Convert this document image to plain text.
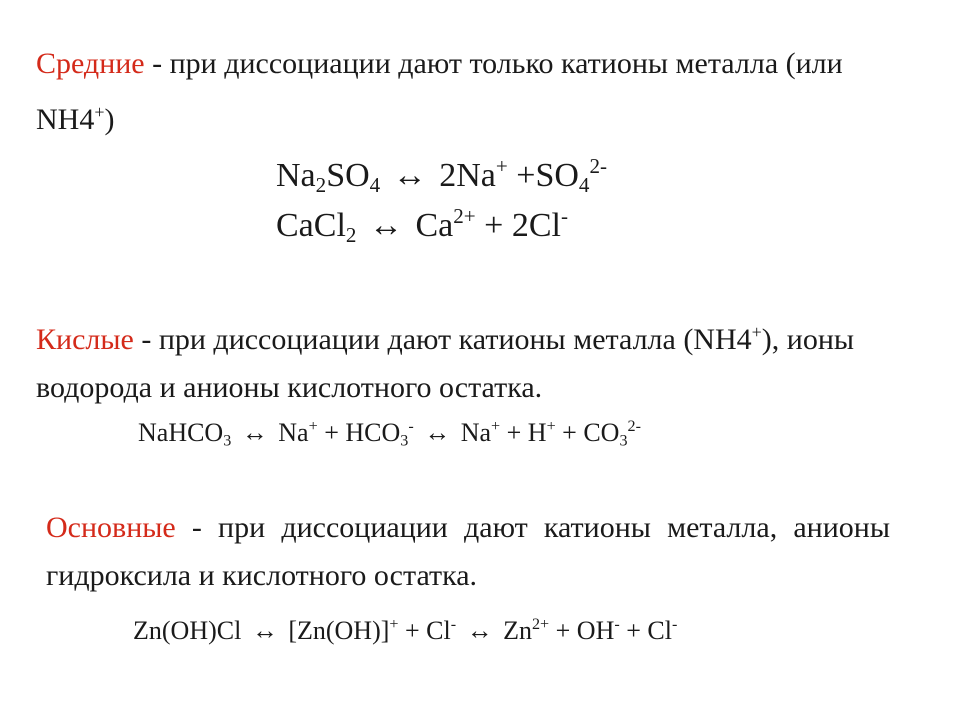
Средние - при диссоциации дают только катионы металла (или NH4+)
$Na_2SO_4$ ↔ $2Na^+ +SO_4^{2-}$
CaCl$_2$ ↔ $Ca^{2+} + 2Cl^-$
Кислые - при диссоциации дают катионы металла (NH4+), ионы водорода и анионы кислотного остатка.
NaHCO$_3$ ↔ $Na^+ + HCO_3^-$ ↔ $Na^+ + H^+ + CO_3^{2-}$
Основные - при диссоциации дают катионы металла, анионы гидроксила и кислотного остатка.
Zn(OH)Cl ↔ [Zn(OH)]+ + Cl- ↔ $Zn^{2+} + OH^- + Cl^-$
